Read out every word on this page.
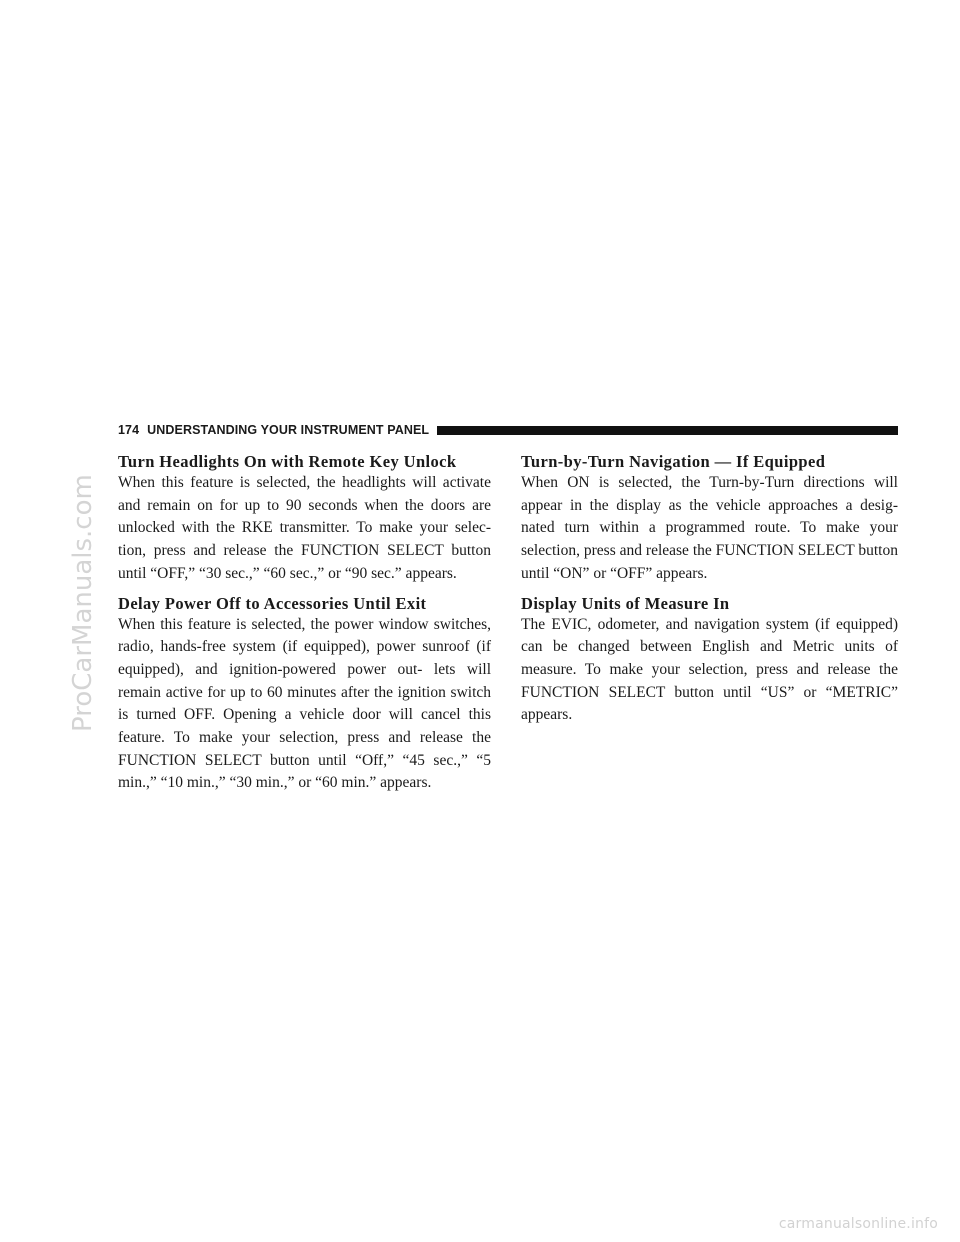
ProCarManuals.com
174 UNDERSTANDING YOUR INSTRUMENT PANEL
Turn Headlights On with Remote Key Unlock

When this feature is selected, the headlights will activate and remain on for up to 90 seconds when the doors are unlocked with the RKE transmitter. To make your selec- tion, press and release the FUNCTION SELECT button until “OFF,” “30 sec.,” “60 sec.,” or “90 sec.” appears.

Delay Power Off to Accessories Until Exit

When this feature is selected, the power window switches, radio, hands-free system (if equipped), power sunroof (if equipped), and ignition-powered power out- lets will remain active for up to 60 minutes after the ignition switch is turned OFF. Opening a vehicle door will cancel this feature. To make your selection, press and release the FUNCTION SELECT button until “Off,” “45 sec.,” “5 min.,” “10 min.,” “30 min.,” or “60 min.” appears.

Turn-by-Turn Navigation — If Equipped

When ON is selected, the Turn-by-Turn directions will appear in the display as the vehicle approaches a desig- nated turn within a programmed route. To make your selection, press and release the FUNCTION SELECT button until “ON” or “OFF” appears.

Display Units of Measure In

The EVIC, odometer, and navigation system (if equipped) can be changed between English and Metric units of measure. To make your selection, press and release the FUNCTION SELECT button until “US” or “METRIC” appears.

carmanualsonline.info
